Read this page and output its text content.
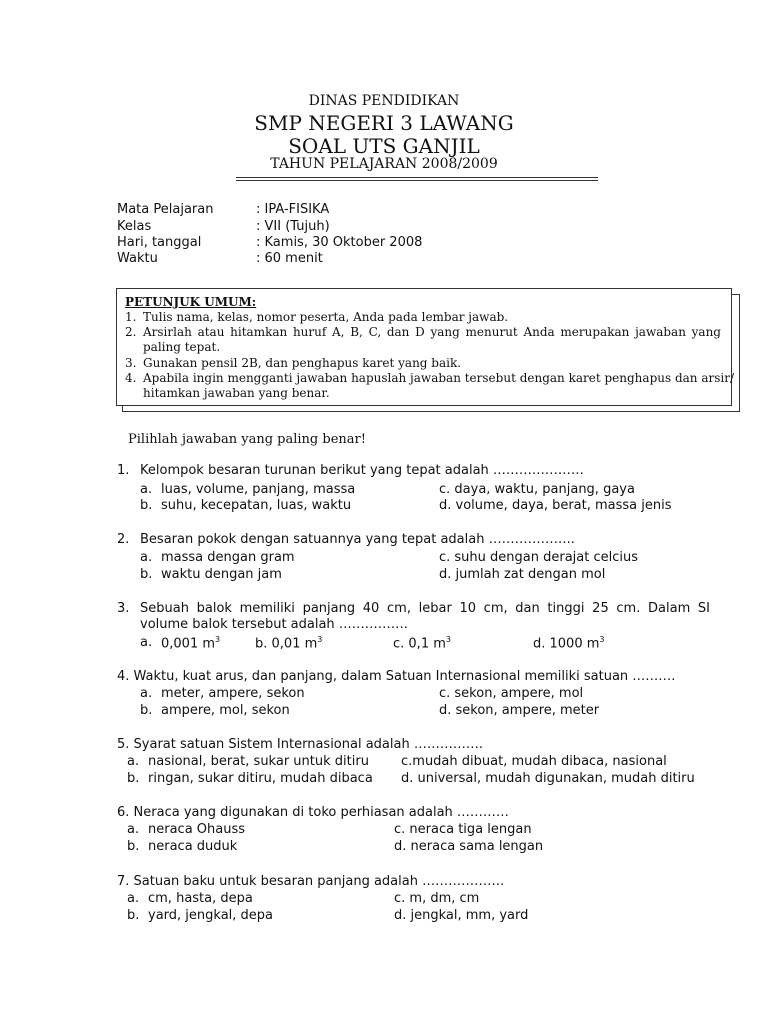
DINAS PENDIDIKAN
SMP NEGERI 3 LAWANG
SOAL UTS GANJIL
TAHUN PELAJARAN 2008/2009
Mata Pelajaran	: IPA-FISIKA
Kelas	: VII (Tujuh)
Hari, tanggal	: Kamis, 30 Oktober 2008
Waktu	: 60 menit
PETUNJUK UMUM:
1. Tulis nama, kelas, nomor peserta, Anda pada lembar jawab.
2. Arsirlah atau hitamkan huruf A, B, C, dan D yang menurut Anda merupakan jawaban yang
paling tepat.
3. Gunakan pensil 2B, dan penghapus karet yang baik.
4. Apabila ingin mengganti jawaban hapuslah jawaban tersebut dengan karet penghapus dan arsir/
hitamkan jawaban yang benar.
Pilihlah jawaban yang paling benar!
1. Kelompok besaran turunan berikut yang tepat adalah …………………
a. luas, volume, panjang, massa
b. suhu, kecepatan, luas, waktu
c. daya, waktu, panjang, gaya
d. volume, daya, berat, massa jenis
2. Besaran pokok dengan satuannya yang tepat adalah ………………..
a. massa dengan gram
b. waktu dengan jam
c. suhu dengan derajat celcius
d. jumlah zat dengan mol
3. Sebuah balok memiliki panjang 40 cm, lebar 10 cm, dan tinggi 25 cm. Dalam SI
volume balok tersebut adalah …………….
a. 0,001 $m^3$	b. 0,01 $m^3$	c. 0,1 $m^3$	d. 1000 $m^3$
4. Waktu, kuat arus, dan panjang, dalam Satuan Internasional memiliki satuan ……….
a. meter, ampere, sekon
b. ampere, mol, sekon
c. sekon, ampere, mol
d. sekon, ampere, meter
5. Syarat satuan Sistem Internasional adalah …………….
a. nasional, berat, sukar untuk ditiru
b. ringan, sukar ditiru, mudah dibaca
c.mudah dibuat, mudah dibaca, nasional
d. universal, mudah digunakan, mudah ditiru
6. Neraca yang digunakan di toko perhiasan adalah …………
a. neraca Ohauss
b. neraca duduk
c. neraca tiga lengan
d. neraca sama lengan
7. Satuan baku untuk besaran panjang adalah ……………….
a. cm, hasta, depa
b. yard, jengkal, depa
c. m, dm, cm
d. jengkal, mm, yard
